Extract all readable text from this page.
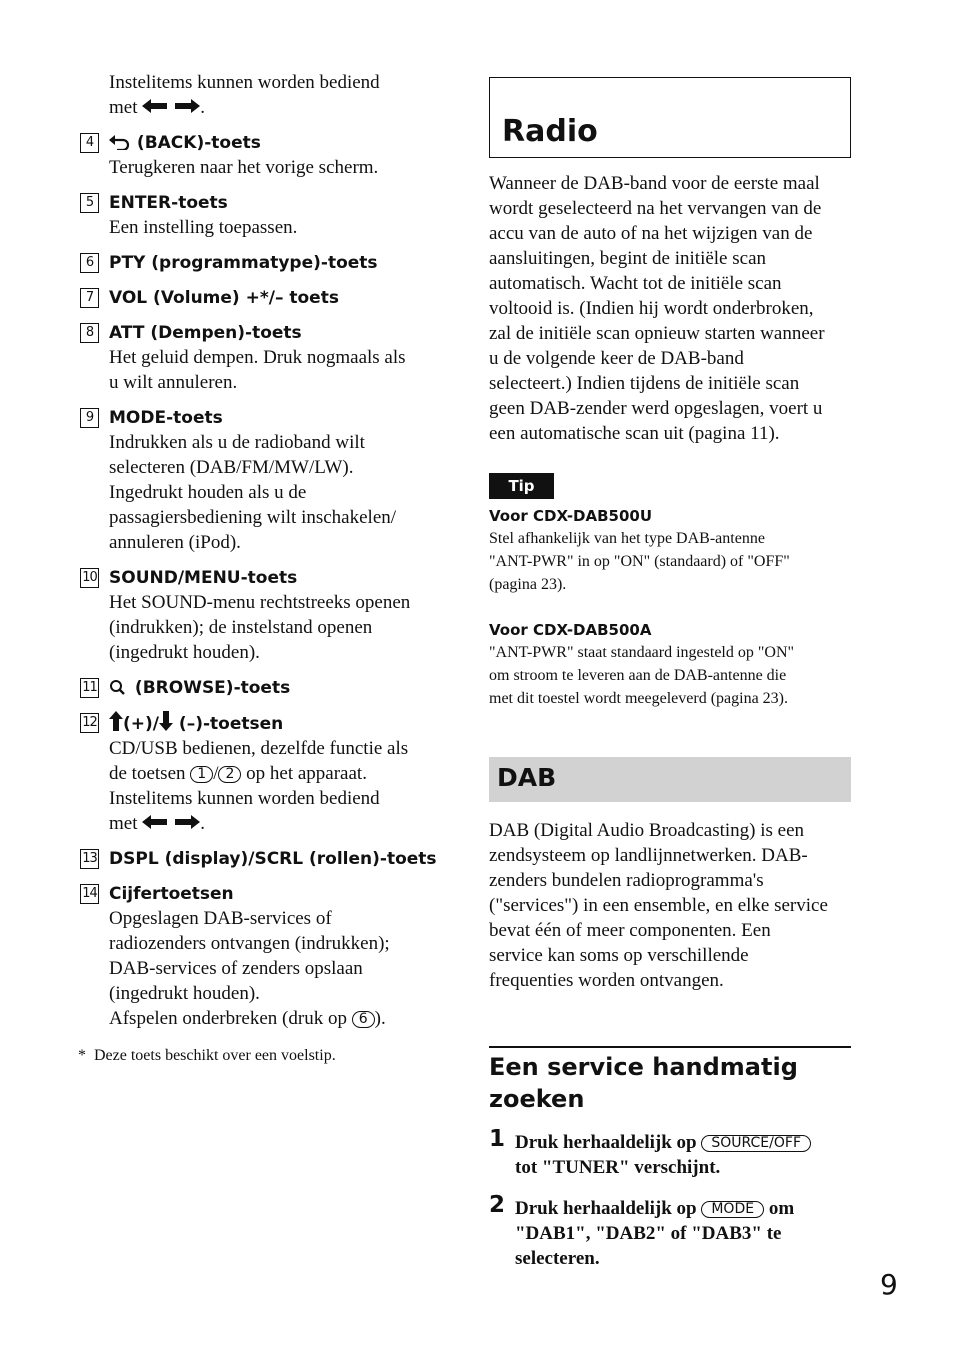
Instelitems kunnen worden bediend
met	.
4	(BACK)-toets
Terugkeren naar het vorige scherm.
5 ENTER-toets
Een instelling toepassen.
6 PTY (programmatype)-toets
7 VOL (Volume) +*/– toets
8 ATT (Dempen)-toets
Het geluid dempen. Druk nogmaals als
u wilt annuleren.
9 MODE-toets
Indrukken als u de radioband wilt
selecteren (DAB/FM/MW/LW).
Ingedrukt houden als u de
passagiersbediening wilt inschakelen/
annuleren (iPod).
10 SOUND/MENU-toets
Het SOUND-menu rechtstreeks openen
(indrukken); de instelstand openen
(ingedrukt houden).
11 (BROWSE)-toets
12 (+)/ (–)-toetsen
CD/USB bedienen, dezelfde functie als
de toetsen 1 / 2 op het apparaat.
Instelitems kunnen worden bediend
met	.
13 DSPL (display)/SCRL (rollen)-toets
14 Cijfertoetsen
Opgeslagen DAB-services of
radiozenders ontvangen (indrukken);
DAB-services of zenders opslaan
(ingedrukt houden).
Afspelen onderbreken (druk op 6 ).
* Deze toets beschikt over een voelstip.
Radio
Wanneer de DAB-band voor de eerste maal
wordt geselecteerd na het vervangen van de
accu van de auto of na het wijzigen van de
aansluitingen, begint de initiële scan
automatisch. Wacht tot de initiële scan
voltooid is. (Indien hij wordt onderbroken,
zal de initiële scan opnieuw starten wanneer
u de volgende keer de DAB-band
selecteert.) Indien tijdens de initiële scan
geen DAB-zender werd opgeslagen, voert u
een automatische scan uit (pagina 11).
Tip
Voor CDX-DAB500U
Stel afhankelijk van het type DAB-antenne
"ANT-PWR" in op "ON" (standaard) of "OFF"
(pagina 23).
Voor CDX-DAB500A
"ANT-PWR" staat standaard ingesteld op "ON"
om stroom te leveren aan de DAB-antenne die
met dit toestel wordt meegeleverd (pagina 23).
DAB
DAB (Digital Audio Broadcasting) is een
zendsysteem op landlijnnetwerken. DAB-
zenders bundelen radioprogramma's
("services") in een ensemble, en elke service
bevat één of meer componenten. Een
service kan soms op verschillende
frequenties worden ontvangen.
Een service handmatig
zoeken
1 Druk herhaaldelijk op SOURCE/OFF
tot "TUNER" verschijnt.
2 Druk herhaaldelijk op MODE om
"DAB1", "DAB2" of "DAB3" te
selecteren.
9
